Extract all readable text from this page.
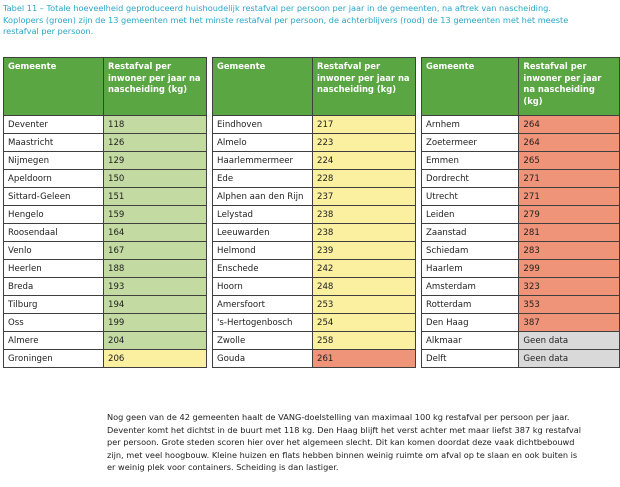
Tabel 11 – Totale hoeveelheid geproduceerd huishoudelijk restafval per persoon per jaar in de gemeenten, na aftrek van nascheiding.
Koplopers (groen) zijn de 13 gemeenten met het minste restafval per persoon, de achterblijvers (rood) de 13 gemeenten met het meeste
restafval per persoon.
Gemeente	Restafval per inwoner per jaar na nascheiding (kg)
Deventer	118
Maastricht	126
Nijmegen	129
Apeldoorn	150
Sittard-Geleen	151
Hengelo	159
Roosendaal	164
Venlo	167
Heerlen	188
Breda	193
Tilburg	194
Oss	199
Almere	204
Groningen	206
Gemeente	Restafval per inwoner per jaar na nascheiding (kg)
Eindhoven	217
Almelo	223
Haarlemmermeer	224
Ede	228
Alphen aan den Rijn	237
Lelystad	238
Leeuwarden	238
Helmond	239
Enschede	242
Hoorn	248
Amersfoort	253
's-Hertogenbosch	254
Zwolle	258
Gouda	261
Gemeente	Restafval per inwoner per jaar na nascheiding (kg)
Arnhem	264
Zoetermeer	264
Emmen	265
Dordrecht	271
Utrecht	271
Leiden	279
Zaanstad	281
Schiedam	283
Haarlem	299
Amsterdam	323
Rotterdam	353
Den Haag	387
Alkmaar	Geen data
Delft	Geen data
Nog geen van de 42 gemeenten haalt de VANG-doelstelling van maximaal 100 kg restafval per persoon per jaar.
Deventer komt het dichtst in de buurt met 118 kg. Den Haag blijft het verst achter met maar liefst 387 kg restafval
per persoon. Grote steden scoren hier over het algemeen slecht. Dit kan komen doordat deze vaak dichtbebouwd
zijn, met veel hoogbouw. Kleine huizen en flats hebben binnen weinig ruimte om afval op te slaan en ook buiten is
er weinig plek voor containers. Scheiding is dan lastiger.
